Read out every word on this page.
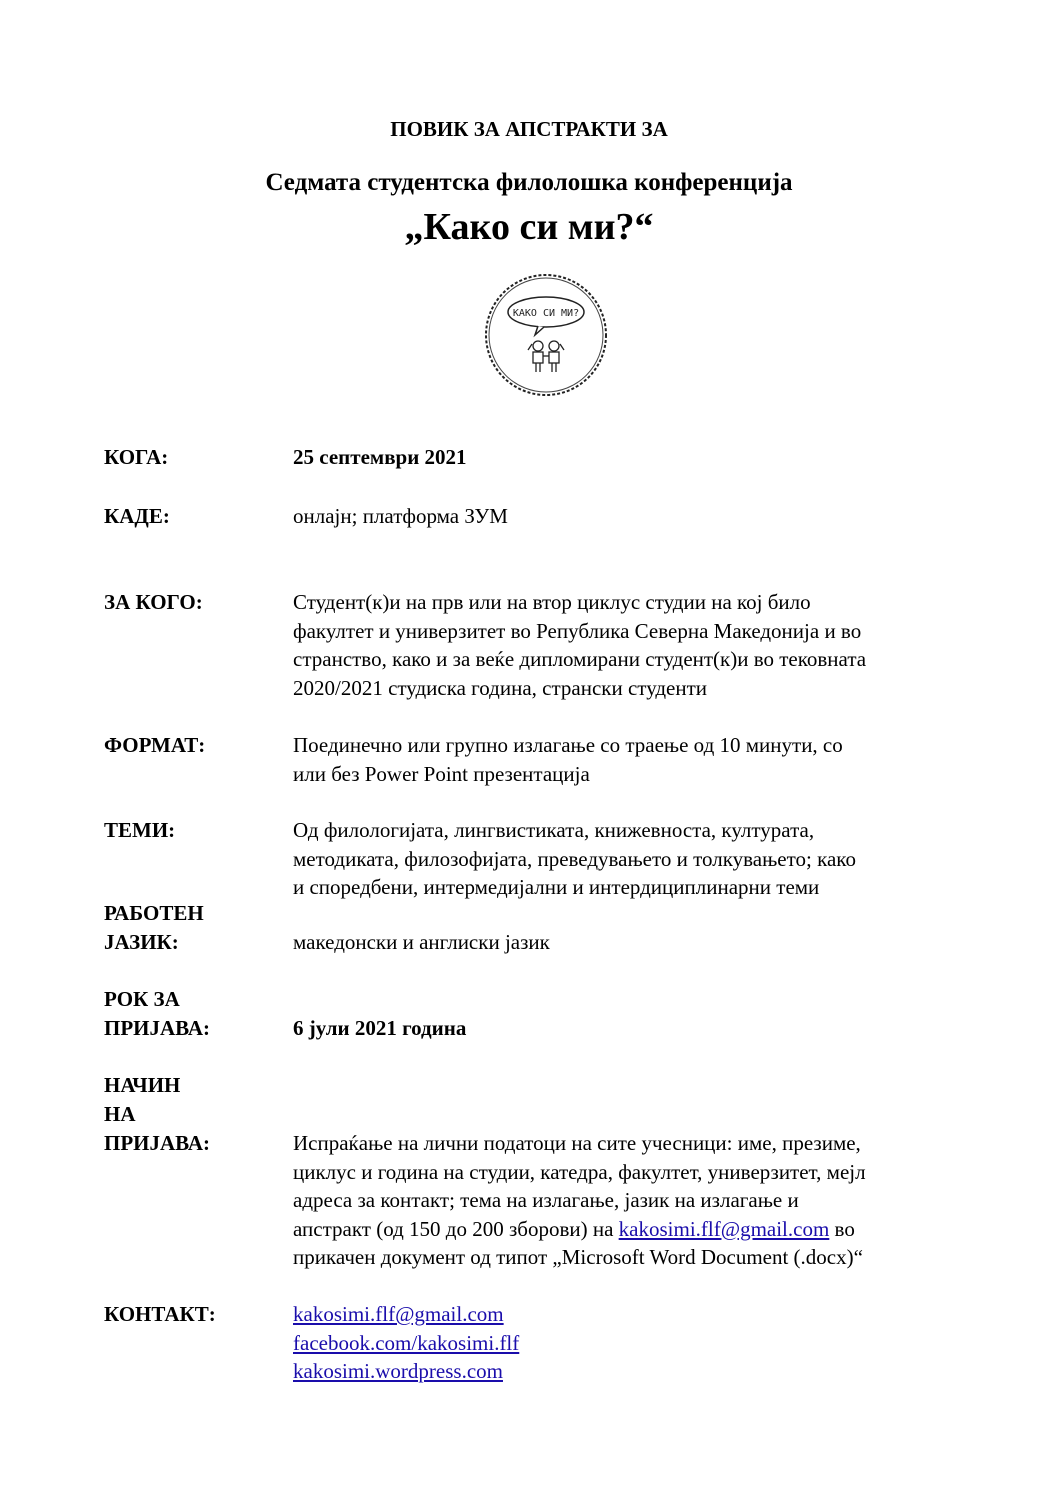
ПОВИК ЗА АПСТРАКТИ ЗА
Седмата студентска филолошка конференција
„Како си ми?“
КАКО СИ МИ?
КОГА:	25 септември 2021
КАДЕ:	онлајн; платформа ЗУМ
ЗА КОГО:	Студент(к)и на прв или на втор циклус студии на кој било
факултет и универзитет во Република Северна Македонија и во
странство, како и за веќе дипломирани студент(к)и во тековната
2020/2021 студиска година, странски студенти
ФОРМАТ:	Поединечно или групно излагање со траење од 10 минути, со
или без Power Point презентација
ТЕМИ:	Од филологијата, лингвистиката, книжевноста, културата,
методиката, филозофијата, преведувањето и толкувањето; како
и споредбени, интермедијални и интердициплинарни теми
РАБОТЕН
ЈАЗИК:	македонски и англиски јазик
РОК ЗА
ПРИЈАВА:	6 јули 2021 година
НАЧИН
НА
ПРИЈАВА:	Испраќање на лични податоци на сите учесници: име, презиме,
циклус и година на студии, катедра, факултет, универзитет, мејл
адреса за контакт; тема на излагање, јазик на излагање и
апстракт (од 150 до 200 зборови) на kakosimi.flf@gmail.com во
прикачен документ од типот „Microsoft Word Document (.docx)“
КОНТАКТ:	kakosimi.flf@gmail.com
facebook.com/kakosimi.flf
kakosimi.wordpress.com
